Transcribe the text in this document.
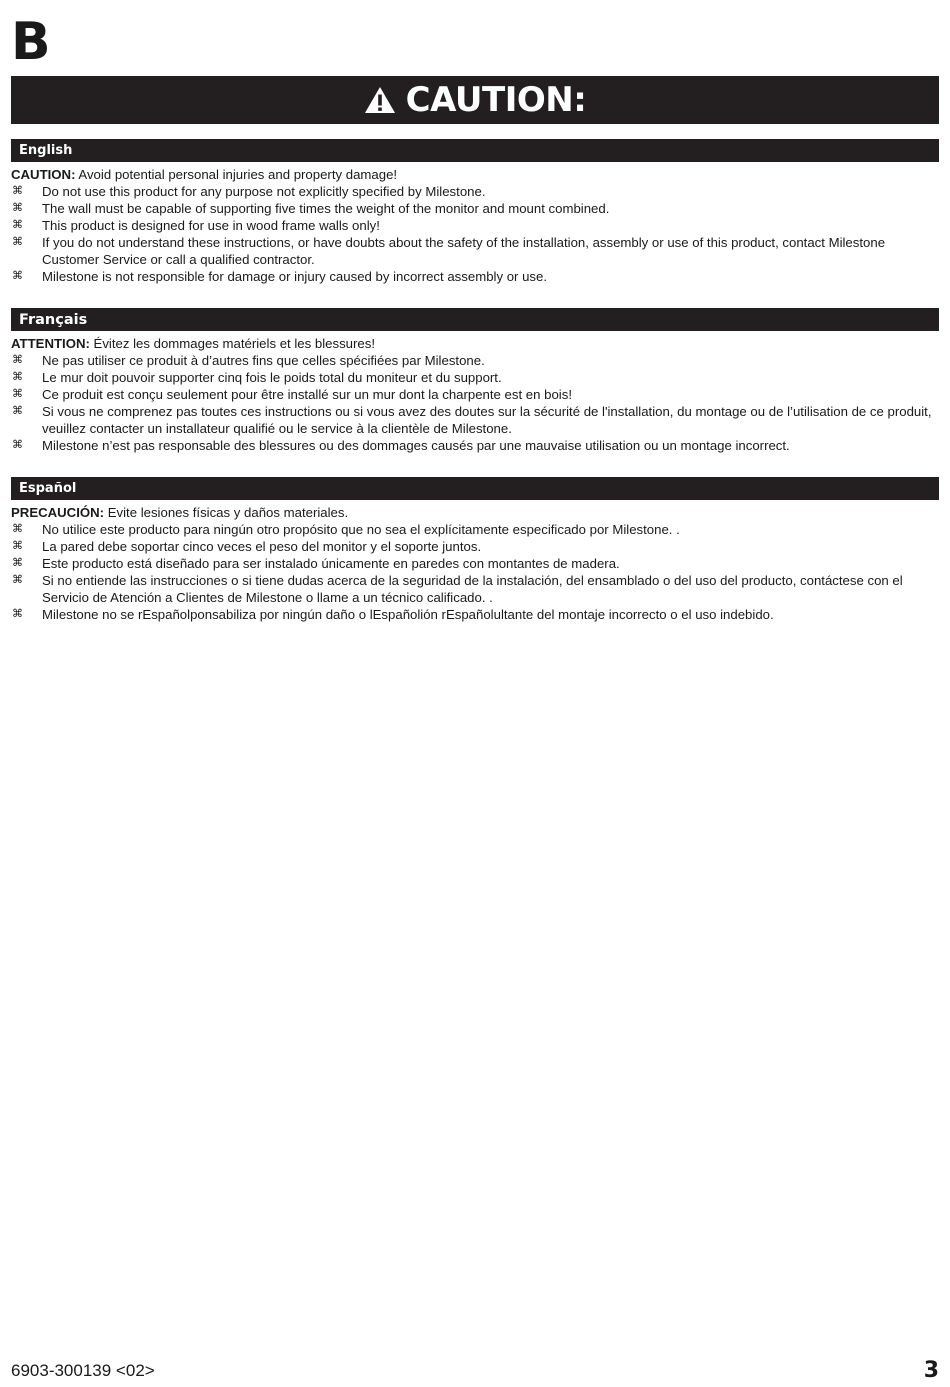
B
CAUTION:
English

CAUTION: Avoid potential personal injuries and property damage!

⌘ Do not use this product for any purpose not explicitly specified by Milestone.
⌘ The wall must be capable of supporting five times the weight of the monitor and mount combined.
⌘ This product is designed for use in wood frame walls only!
⌘ If you do not understand these instructions, or have doubts about the safety of the installation, assembly or use of this product, contact Milestone Customer Service or call a qualified contractor.
⌘ Milestone is not responsible for damage or injury caused by incorrect assembly or use.
Français

ATTENTION: Évitez les dommages matériels et les blessures!

⌘ Ne pas utiliser ce produit à d’autres fins que celles spécifiées par Milestone.
⌘ Le mur doit pouvoir supporter cinq fois le poids total du moniteur et du support.
⌘ Ce produit est conçu seulement pour être installé sur un mur dont la charpente est en bois!
⌘ Si vous ne comprenez pas toutes ces instructions ou si vous avez des doutes sur la sécurité de l'installation, du montage ou de l’utilisation de ce produit, veuillez contacter un installateur qualifié ou le service à la clientèle de Milestone.
⌘ Milestone n’est pas responsable des blessures ou des dommages causés par une mauvaise utilisation ou un montage incorrect.
Español

PRECAUCIÓN: Evite lesiones físicas y daños materiales.

⌘ No utilice este producto para ningún otro propósito que no sea el explícitamente especificado por Milestone. .
⌘ La pared debe soportar cinco veces el peso del monitor y el soporte juntos.
⌘ Este producto está diseñado para ser instalado únicamente en paredes con montantes de madera.
⌘ Si no entiende las instrucciones o si tiene dudas acerca de la seguridad de la instalación, del ensamblado o del uso del producto, contáctese con el Servicio de Atención a Clientes de Milestone o llame a un técnico calificado. .
⌘ Milestone no se rEspañolponsabiliza por ningún daño o lEspañolión rEspañolultante del montaje incorrecto o el uso indebido.
6903-300139 <02>	3
